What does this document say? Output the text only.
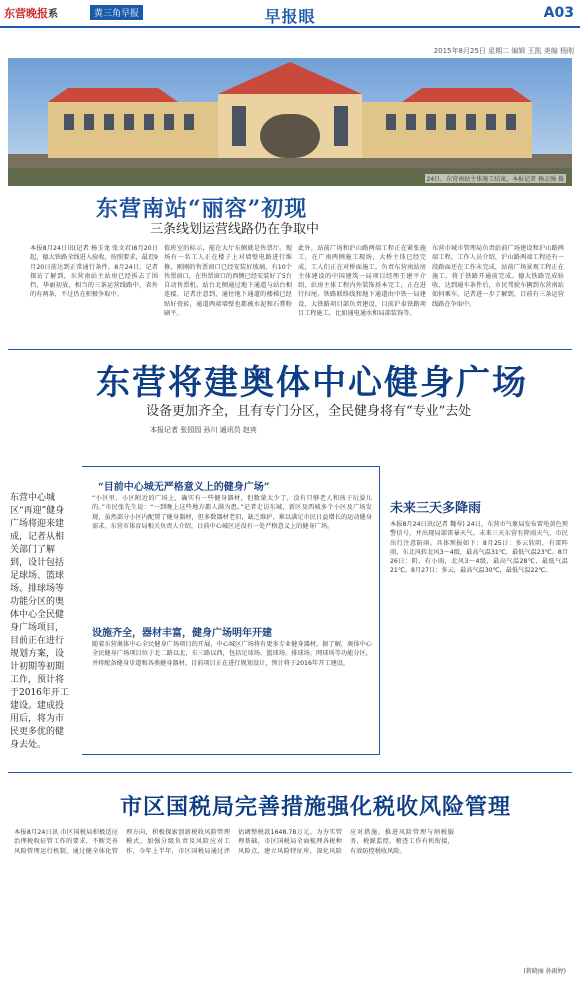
东营晚报系	黄三角早报	早报眼	A03
2015年8月25日 星期二 编辑 王凯 美编 杨刚
24日，东营南站主体施工结束。本报记者 杨志强 摄
东营南站“丽容”初现
三条线划运营线路仍在争取中
本报8月24日讯(记者 杨玉龙 张文君)8月20日起，德大铁路全线进入验收，按照要求，最迟9月20日前达到正常通行条件。8月24日，记者探访了解到，东营南站主站房已经拆去了围挡，华丽初放，相当的三条运营线路中，省外的有两条，不过仍在积极争取中。
值班室的标示，能在大厅东侧就是售票厅。现场有一名工人正在楼子上对墙壁电路进行维修，刚刚的售票窗口已经安装好玻璃，有10个售票窗口，在售票窗口的西侧已经安装好了5台自动售票机。站台北侧通过地下通道与站台相连接，记者注意到，通往地下通道的楼梯已经贴好瓷砖，通道两端墙壁也都被水泥和石膏粉刷平。
此外，站前广场和沪山路两端工程正在紧张施工，在广南两侧施工现场，大桥主体已经完成，工人们正在对桥面施工。负责东营南站房主体建设的中国建筑一局项目经理王建平介绍，站房主体工程内外装饰基本完工，正在进行扫尾。铁路联络线和地下通道由中铁一局建设，大铁路项目部负责建设，目前沪泰铁路项目工程施工，比如通电通水和局部装饰等。
东营市城市管理局负责站前广场建设和沪山路两端工程，工作人员介绍，沪山路两端工程还有一段路面还在工作未完成，站前广场景观工程正在施工，将于铁路开通前完成。德大铁路完成验收、达到通车条件后，市民驾驶车辆到东营南站如何乘车，记者进一步了解到，目前有三条运营线路在争取中。
东营将建奥体中心健身广场
设备更加齐全，且有专门分区，全民健身将有“专业”去处
本报记者 张园园 孙川 通讯员 赵宾
东营中心城区“再迎”健身广场将迎来建成，记者从相关部门了解到，设计包括足球场、篮球场、排球场等功能分区的奥体中心全民健身广场项目，目前正在进行规划方案，设计初期等初期工作，预计将于2016年开工建设。建成投用后，将为市民更多优的健身去处。
“目前中心城无严格意义上的健身广场”
“小区里、小区附近的广场上，确实有一些健身器材，但数量太少了，没有只够老人和孩子玩耍儿的。”市民张先生说：“一到晚上这些地方都人满为患。”记者走访东城，新区及西城多个小区及广场发现，虽然部分小区内配置了健身器材，但多数器材老旧，缺乏维护，难以满足市民日益增长的运动健身需求。东营市体育局相关负责人介绍，目前中心城区还没有一处严格意义上的健身广场。
设施齐全，器材丰富，健身广场明年开建
随着东营奥体中心全民健身广场项目的开展，中心城区广场将有更多专业健身器材。据了解，奥体中心全民健身广场项目位于北二路以北，东三路以西，包括足球场、篮球场、排球场、网球场等功能分区，并将配备健身步道和各类健身器材。目前项目正在进行规划设计，预计将于2016年开工建设。
未来三天多降雨
本报8月24日讯(记者 魏寿) 24日，东营市气象局发布雷电黄色预警信号，并出现局部雷暴天气。未来三天东营有降雨天气，市民出行注意防雨。具体预报如下：8月25日：多云转阴，有雷阵雨，东北风转北风3～4级，最高气温31℃，最低气温23℃。8月26日：阴，有小雨，北风3～4级，最高气温28℃，最低气温21℃。8月27日：多云，最高气温30℃，最低气温22℃。
市区国税局完善措施强化税收风险管理
本报8月24日讯 市区国税局积极适应治理税收征管工作的要求，不断完善风险管理运行机制，通过健全体化管理方向，积极探索创新税收风险管理模式，加强分级负责及风险应对工作，今年上半年，市区国税局通过评估调整税款1648.78万元。为夯实管理基础，市区国税局全面梳理各税种风险点，建立风险特征库，深化风险应对措施，推进风险管理与纳税服务、税源监控、稽查工作有机衔接，有效防控税收风险。
(蒋晓丽 孙雨婷)
